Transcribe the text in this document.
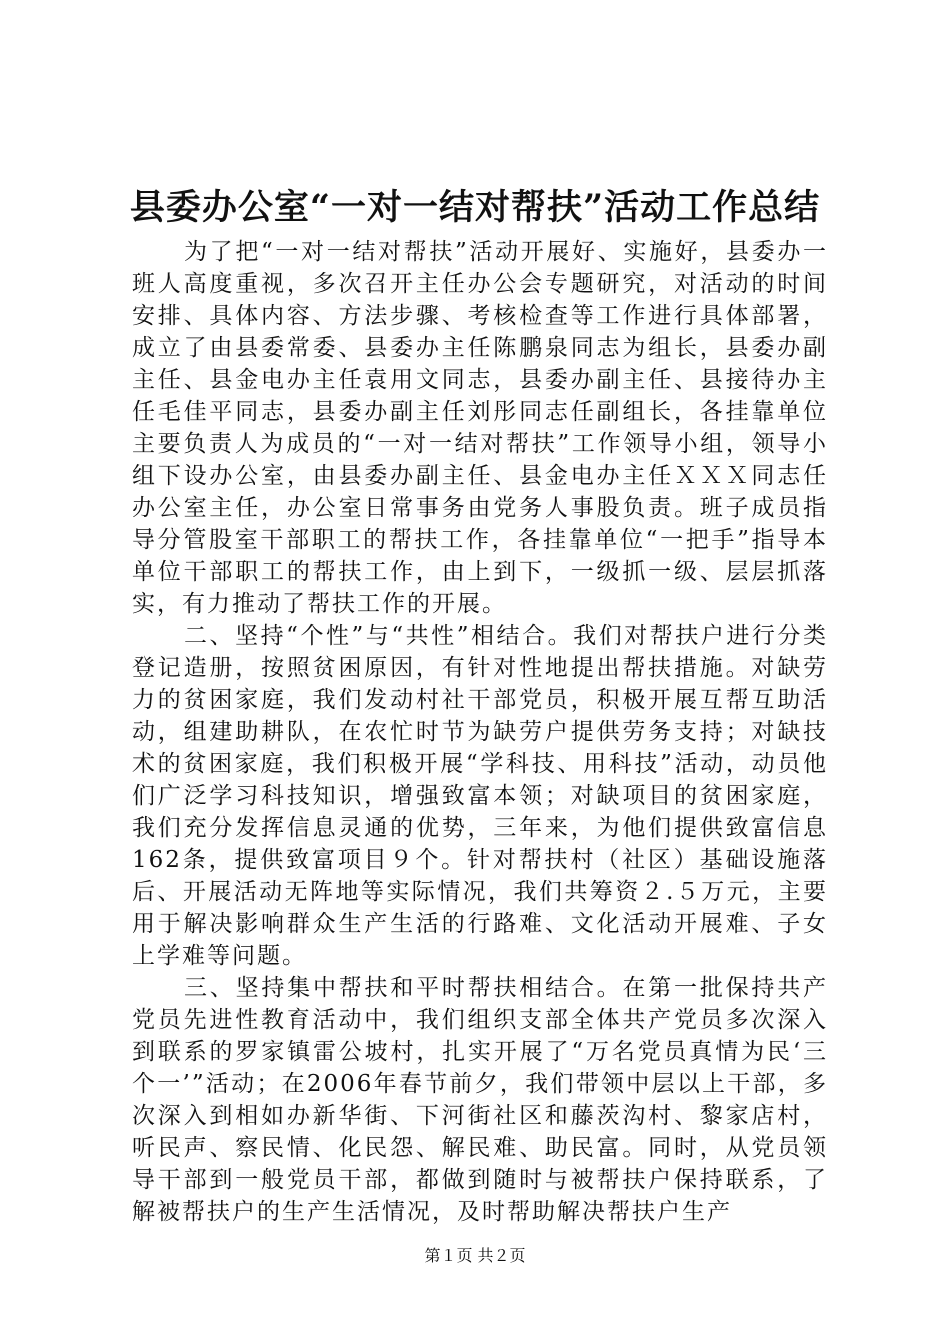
县委办公室“一对一结对帮扶”活动工作总结

为了把“一对一结对帮扶”活动开展好、实施好，县委办一班人高度重视，多次召开主任办公会专题研究，对活动的时间安排、具体内容、方法步骤、考核检查等工作进行具体部署，成立了由县委常委、县委办主任陈鹏泉同志为组长，县委办副主任、县金电办主任袁用文同志，县委办副主任、县接待办主任毛佳平同志，县委办副主任刘彤同志任副组长，各挂靠单位主要负责人为成员的“一对一结对帮扶”工作领导小组，领导小组下设办公室，由县委办副主任、县金电办主任ＸＸＸ同志任办公室主任，办公室日常事务由党务人事股负责。班子成员指导分管股室干部职工的帮扶工作，各挂靠单位“一把手”指导本单位干部职工的帮扶工作，由上到下，一级抓一级、层层抓落实，有力推动了帮扶工作的开展。

二、坚持“个性”与“共性”相结合。我们对帮扶户进行分类登记造册，按照贫困原因，有针对性地提出帮扶措施。对缺劳力的贫困家庭，我们发动村社干部党员，积极开展互帮互助活动，组建助耕队，在农忙时节为缺劳户提供劳务支持；对缺技术的贫困家庭，我们积极开展“学科技、用科技”活动，动员他们广泛学习科技知识，增强致富本领；对缺项目的贫困家庭，我们充分发挥信息灵通的优势，三年来，为他们提供致富信息162条，提供致富项目９个。针对帮扶村（社区）基础设施落后、开展活动无阵地等实际情况，我们共筹资２.５万元，主要用于解决影响群众生产生活的行路难、文化活动开展难、子女上学难等问题。

三、坚持集中帮扶和平时帮扶相结合。在第一批保持共产党员先进性教育活动中，我们组织支部全体共产党员多次深入到联系的罗家镇雷公坡村，扎实开展了“万名党员真情为民‘三个一’”活动；在2006年春节前夕，我们带领中层以上干部，多次深入到相如办新华街、下河街社区和藤茨沟村、黎家店村，听民声、察民情、化民怨、解民难、助民富。同时，从党员领导干部到一般党员干部，都做到随时与被帮扶户保持联系，了解被帮扶户的生产生活情况，及时帮助解决帮扶户生产

第１页 共２页
